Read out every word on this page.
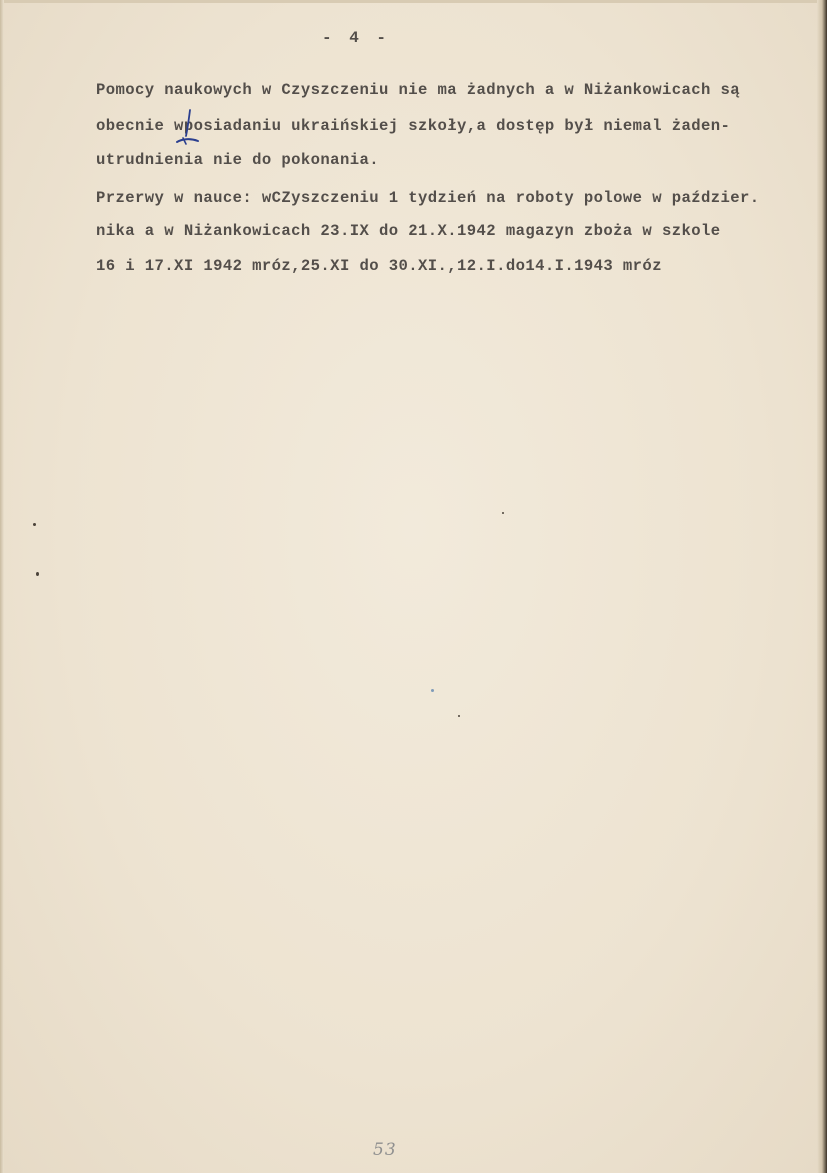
- 4 -
Pomocy naukowych w Czyszczeniu nie ma żadnych a w Niżankowicach są
obecnie wposiadaniu ukraińskiej szkoły,a dostęp był niemal żaden-
utrudnienia nie do pokonania.
Przerwy w nauce: wCZyszczeniu 1 tydzień na roboty polowe w paździer.
nika a w Niżankowicach 23.IX do 21.X.1942 magazyn zboża w szkole
16 i 17.XI 1942 mróz,25.XI do 30.XI.,12.I.do14.I.1943 mróz
53
